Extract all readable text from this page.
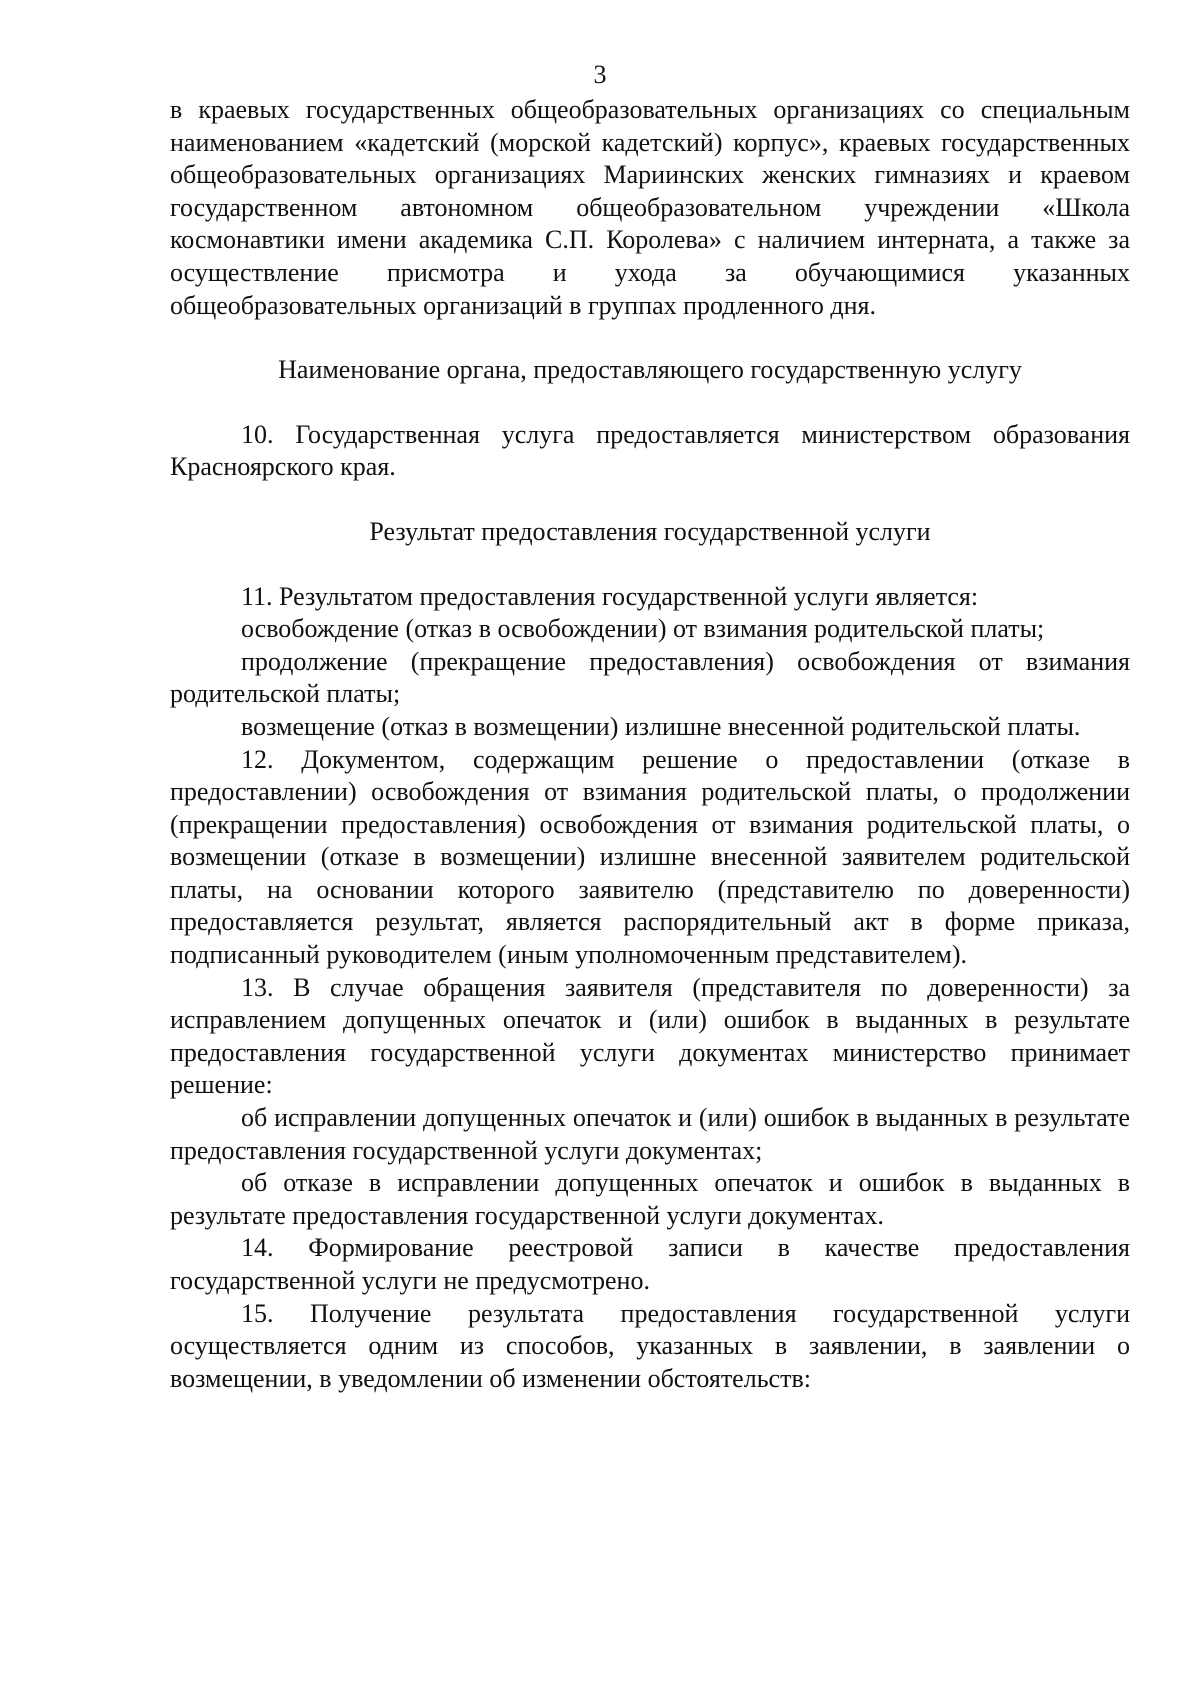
3

в краевых государственных общеобразовательных организациях со специальным наименованием «кадетский (морской кадетский) корпус», краевых государственных общеобразовательных организациях Мариинских женских гимназиях и краевом государственном автономном общеобразовательном учреждении «Школа космонавтики имени академика С.П. Королева» с наличием интерната, а также за осуществление присмотра и ухода за обучающимися указанных общеобразовательных организаций в группах продленного дня.

Наименование органа, предоставляющего государственную услугу

10. Государственная услуга предоставляется министерством образования Красноярского края.

Результат предоставления государственной услуги

11. Результатом предоставления государственной услуги является:

освобождение (отказ в освобождении) от взимания родительской платы;

продолжение (прекращение предоставления) освобождения от взимания родительской платы;

возмещение (отказ в возмещении) излишне внесенной родительской платы.

12. Документом, содержащим решение о предоставлении (отказе в предоставлении) освобождения от взимания родительской платы, о продолжении (прекращении предоставления) освобождения от взимания родительской платы, о возмещении (отказе в возмещении) излишне внесенной заявителем родительской платы, на основании которого заявителю (представителю по доверенности) предоставляется результат, является распорядительный акт в форме приказа, подписанный руководителем (иным уполномоченным представителем).

13. В случае обращения заявителя (представителя по доверенности) за исправлением допущенных опечаток и (или) ошибок в выданных в результате предоставления государственной услуги документах министерство принимает решение:

об исправлении допущенных опечаток и (или) ошибок в выданных в результате предоставления государственной услуги документах;

об отказе в исправлении допущенных опечаток и ошибок в выданных в результате предоставления государственной услуги документах.

14. Формирование реестровой записи в качестве предоставления государственной услуги не предусмотрено.

15. Получение результата предоставления государственной услуги осуществляется одним из способов, указанных в заявлении, в заявлении о возмещении, в уведомлении об изменении обстоятельств:
